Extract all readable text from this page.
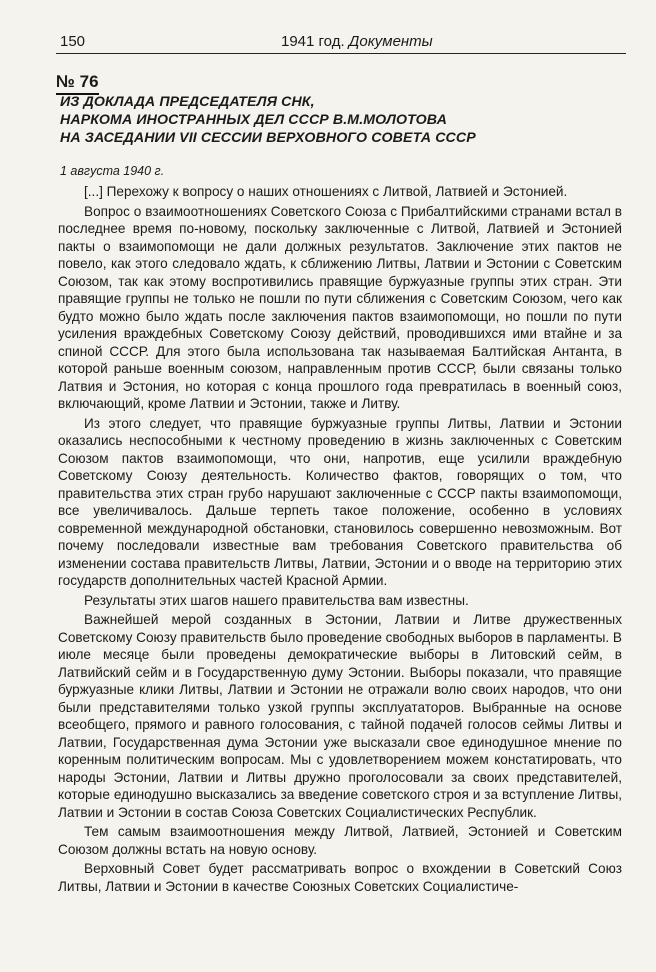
150	1941 год. Документы
№ 76
ИЗ ДОКЛАДА ПРЕДСЕДАТЕЛЯ СНК,
НАРКОМА ИНОСТРАННЫХ ДЕЛ СССР В.М.МОЛОТОВА
НА ЗАСЕДАНИИ VII СЕССИИ ВЕРХОВНОГО СОВЕТА СССР
1 августа 1940 г.

[...] Перехожу к вопросу о наших отношениях с Литвой, Латвией и Эстонией.

Вопрос о взаимоотношениях Советского Союза с Прибалтийскими странами встал в последнее время по-новому, поскольку заключенные с Литвой, Латвией и Эстонией пакты о взаимопомощи не дали должных результатов. Заключение этих пактов не повело, как этого следовало ждать, к сближению Литвы, Латвии и Эстонии с Советским Союзом, так как этому воспротивились правящие буржуазные группы этих стран. Эти правящие группы не только не пошли по пути сближения с Советским Союзом, чего как будто можно было ждать после заключения пактов взаимопомощи, но пошли по пути усиления враждебных Советскому Союзу действий, проводившихся ими втайне и за спиной СССР. Для этого была использована так называемая Балтийская Антанта, в которой раньше военным союзом, направленным против СССР, были связаны только Латвия и Эстония, но которая с конца прошлого года превратилась в военный союз, включающий, кроме Латвии и Эстонии, также и Литву.

Из этого следует, что правящие буржуазные группы Литвы, Латвии и Эстонии оказались неспособными к честному проведению в жизнь заключенных с Советским Союзом пактов взаимопомощи, что они, напротив, еще усилили враждебную Советскому Союзу деятельность. Количество фактов, говорящих о том, что правительства этих стран грубо нарушают заключенные с СССР пакты взаимопомощи, все увеличивалось. Дальше терпеть такое положение, особенно в условиях современной международной обстановки, становилось совершенно невозможным. Вот почему последовали известные вам требования Советского правительства об изменении состава правительств Литвы, Латвии, Эстонии и о вводе на территорию этих государств дополнительных частей Красной Армии.

Результаты этих шагов нашего правительства вам известны.

Важнейшей мерой созданных в Эстонии, Латвии и Литве дружественных Советскому Союзу правительств было проведение свободных выборов в парламенты. В июле месяце были проведены демократические выборы в Литовский сейм, в Латвийский сейм и в Государственную думу Эстонии. Выборы показали, что правящие буржуазные клики Литвы, Латвии и Эстонии не отражали волю своих народов, что они были представителями только узкой группы эксплуататоров. Выбранные на основе всеобщего, прямого и равного голосования, с тайной подачей голосов сеймы Литвы и Латвии, Государственная дума Эстонии уже высказали свое единодушное мнение по коренным политическим вопросам. Мы с удовлетворением можем констатировать, что народы Эстонии, Латвии и Литвы дружно проголосовали за своих представителей, которые единодушно высказались за введение советского строя и за вступление Литвы, Латвии и Эстонии в состав Союза Советских Социалистических Республик.

Тем самым взаимоотношения между Литвой, Латвией, Эстонией и Советским Союзом должны встать на новую основу.

Верховный Совет будет рассматривать вопрос о вхождении в Советский Союз Литвы, Латвии и Эстонии в качестве Союзных Советских Социалистиче-
